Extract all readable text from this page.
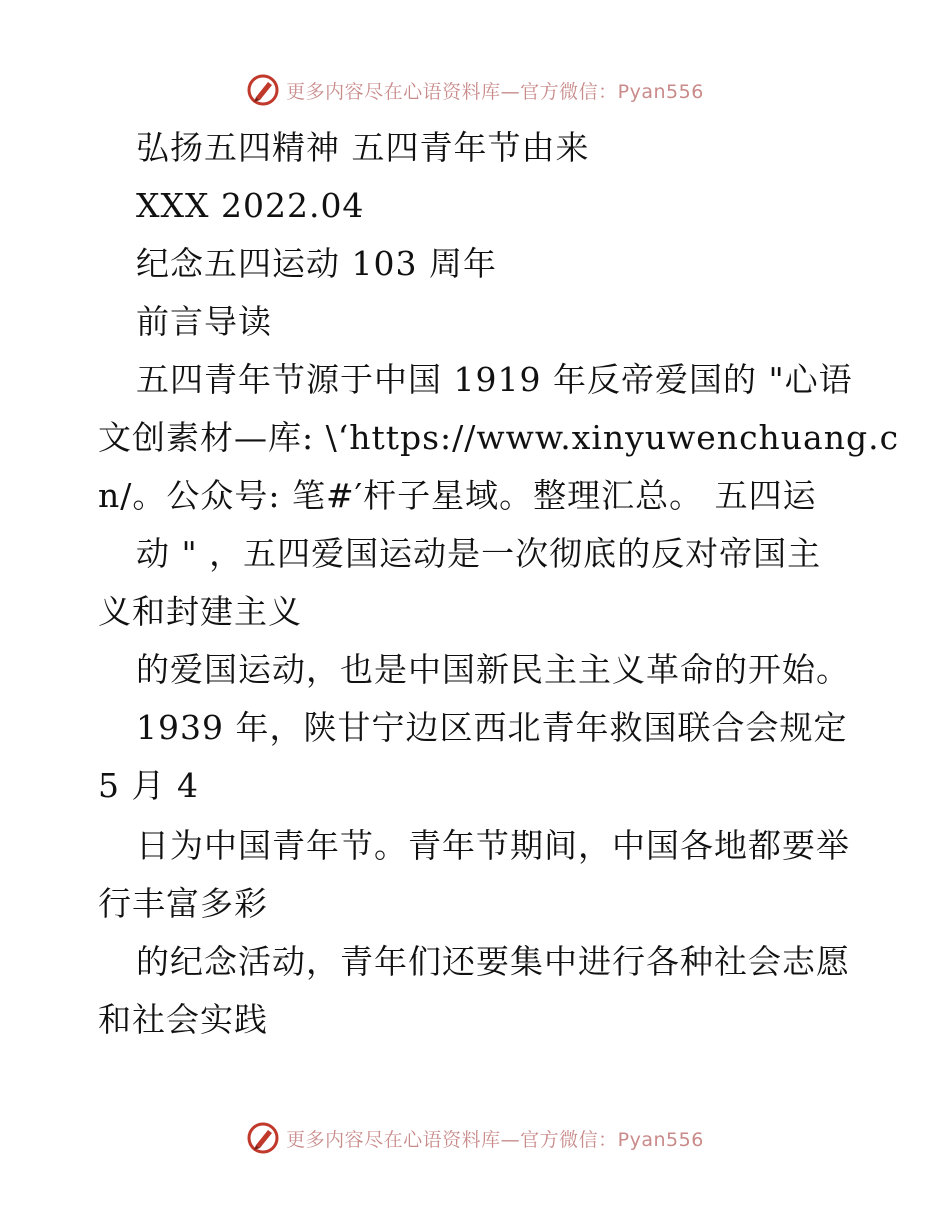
更多内容尽在心语资料库—官方微信：Pyan556
弘扬五四精神 五四青年节由来
XXX 2022.04
纪念五四运动 103 周年
前言导读
五四青年节源于中国 1919 年反帝爱国的 "心语
文创素材—库: \‘https://www.xinyuwenchuang.c
n/。公众号: 笔#′杆子星域。整理汇总。 五四运
动 " ，五四爱国运动是一次彻底的反对帝国主
义和封建主义
的爱国运动，也是中国新民主主义革命的开始。
1939 年，陕甘宁边区西北青年救国联合会规定
5 月 4
日为中国青年节。青年节期间，中国各地都要举
行丰富多彩
的纪念活动，青年们还要集中进行各种社会志愿
和社会实践
更多内容尽在心语资料库—官方微信：Pyan556
